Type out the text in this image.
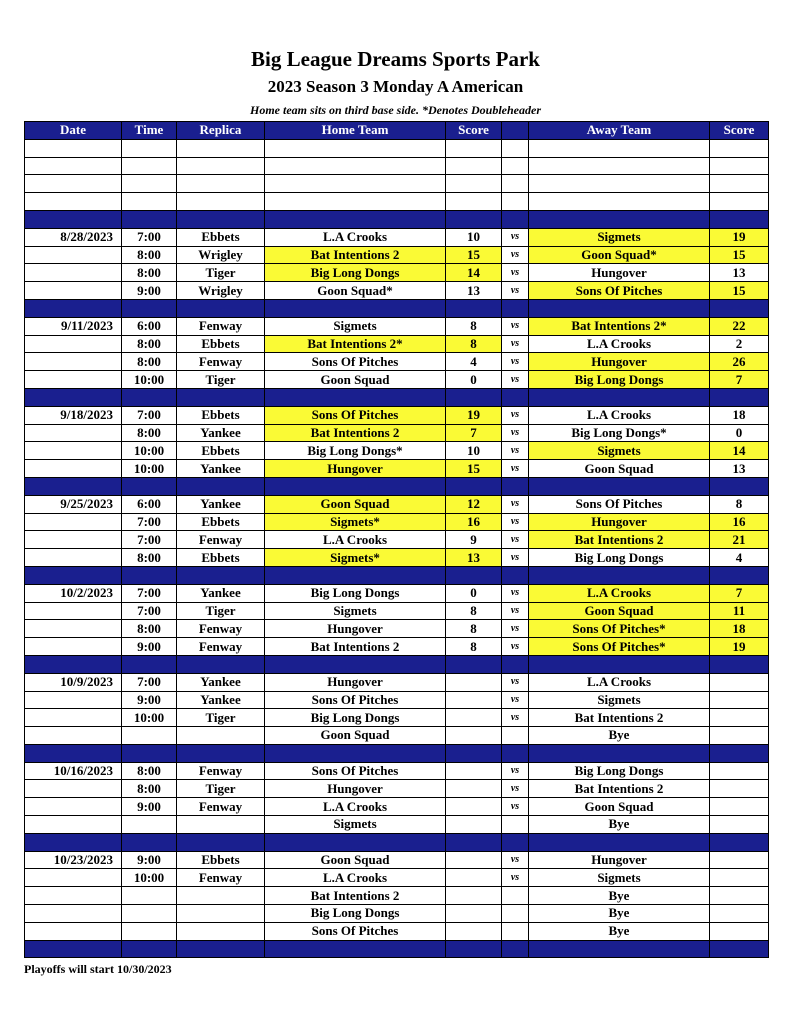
Big League Dreams Sports Park
2023 Season 3 Monday A American
Home team sits on third base side. *Denotes Doubleheader
Date	Time	Replica	Home Team	Score		Away Team	Score

8/28/2023	7:00	Ebbets	L.A Crooks	10	vs	Sigmets	19
	8:00	Wrigley	Bat Intentions 2	15	vs	Goon Squad*	15
	8:00	Tiger	Big Long Dongs	14	vs	Hungover	13
	9:00	Wrigley	Goon Squad*	13	vs	Sons Of Pitches	15

9/11/2023	6:00	Fenway	Sigmets	8	vs	Bat Intentions 2*	22
	8:00	Ebbets	Bat Intentions 2*	8	vs	L.A Crooks	2
	8:00	Fenway	Sons Of Pitches	4	vs	Hungover	26
	10:00	Tiger	Goon Squad	0	vs	Big Long Dongs	7

9/18/2023	7:00	Ebbets	Sons Of Pitches	19	vs	L.A Crooks	18
	8:00	Yankee	Bat Intentions 2	7	vs	Big Long Dongs*	0
	10:00	Ebbets	Big Long Dongs*	10	vs	Sigmets	14
	10:00	Yankee	Hungover	15	vs	Goon Squad	13

9/25/2023	6:00	Yankee	Goon Squad	12	vs	Sons Of Pitches	8
	7:00	Ebbets	Sigmets*	16	vs	Hungover	16
	7:00	Fenway	L.A Crooks	9	vs	Bat Intentions 2	21
	8:00	Ebbets	Sigmets*	13	vs	Big Long Dongs	4

10/2/2023	7:00	Yankee	Big Long Dongs	0	vs	L.A Crooks	7
	7:00	Tiger	Sigmets	8	vs	Goon Squad	11
	8:00	Fenway	Hungover	8	vs	Sons Of Pitches*	18
	9:00	Fenway	Bat Intentions 2	8	vs	Sons Of Pitches*	19

10/9/2023	7:00	Yankee	Hungover		vs	L.A Crooks	
	9:00	Yankee	Sons Of Pitches		vs	Sigmets	
	10:00	Tiger	Big Long Dongs		vs	Bat Intentions 2	
			Goon Squad			Bye	

10/16/2023	8:00	Fenway	Sons Of Pitches		vs	Big Long Dongs	
	8:00	Tiger	Hungover		vs	Bat Intentions 2	
	9:00	Fenway	L.A Crooks		vs	Goon Squad	
			Sigmets			Bye	

10/23/2023	9:00	Ebbets	Goon Squad		vs	Hungover	
	10:00	Fenway	L.A Crooks		vs	Sigmets	
			Bat Intentions 2			Bye	
			Big Long Dongs			Bye	
			Sons Of Pitches			Bye	

Playoffs will start 10/30/2023
